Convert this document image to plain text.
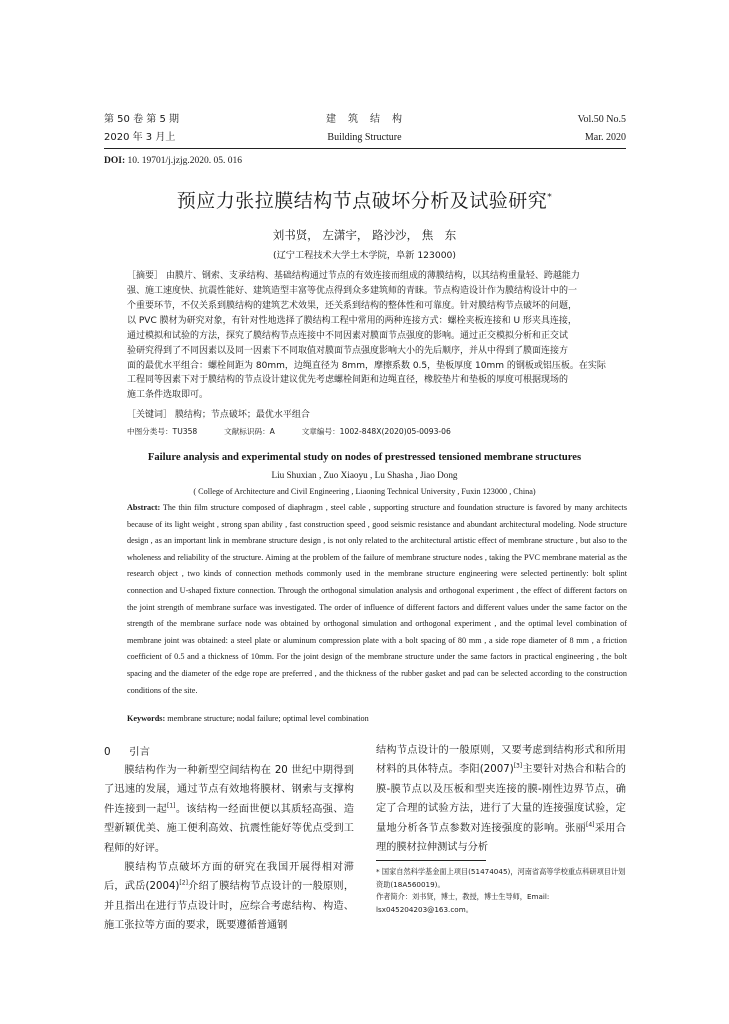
第 50 卷 第 5 期
2020 年 3 月上
建　筑　结　构
Building Structure
Vol.50 No.5
Mar. 2020
DOI: 10. 19701/j.jzjg.2020. 05. 016
预应力张拉膜结构节点破坏分析及试验研究*
刘书贤， 左潇宇， 路沙沙， 焦　东
(辽宁工程技术大学土木学院，阜新 123000)
［摘要］ 由膜片、钢索、支承结构、基础结构通过节点的有效连接而组成的薄膜结构，以其结构重量轻、跨越能力
强、施工速度快、抗震性能好、建筑造型丰富等优点得到众多建筑师的青睐。节点构造设计作为膜结构设计中的一
个重要环节，不仅关系到膜结构的建筑艺术效果，还关系到结构的整体性和可靠度。针对膜结构节点破坏的问题，
以 PVC 膜材为研究对象，有针对性地选择了膜结构工程中常用的两种连接方式：螺栓夹板连接和 U 形夹具连接，
通过模拟和试验的方法，探究了膜结构节点连接中不同因素对膜面节点强度的影响。通过正交模拟分析和正交试
验研究得到了不同因素以及同一因素下不同取值对膜面节点强度影响大小的先后顺序，并从中得到了膜面连接方
面的最优水平组合：螺栓间距为 80mm，边绳直径为 8mm，摩擦系数 0.5，垫板厚度 10mm 的钢板或铝压板。在实际
工程同等因素下对于膜结构的节点设计建议优先考虑螺栓间距和边绳直径，橡胶垫片和垫板的厚度可根据现场的
施工条件选取即可。
［关键词］ 膜结构；节点破坏；最优水平组合
中图分类号：TU358	文献标识码：A	文章编号：1002-848X(2020)05-0093-06
Failure analysis and experimental study on nodes of prestressed tensioned membrane structures
Liu Shuxian , Zuo Xiaoyu , Lu Shasha , Jiao Dong
( College of Architecture and Civil Engineering , Liaoning Technical University , Fuxin 123000 , China)
Abstract: The thin film structure composed of diaphragm , steel cable , supporting structure and foundation structure is favored by many architects because of its light weight , strong span ability , fast construction speed , good seismic resistance and abundant architectural modeling. Node structure design , as an important link in membrane structure design , is not only related to the architectural artistic effect of membrane structure , but also to the wholeness and reliability of the structure. Aiming at the problem of the failure of membrane structure nodes , taking the PVC membrane material as the research object , two kinds of connection methods commonly used in the membrane structure engineering were selected pertinently: bolt splint connection and U-shaped fixture connection. Through the orthogonal simulation analysis and orthogonal experiment , the effect of different factors on the joint strength of membrane surface was investigated. The order of influence of different factors and different values under the same factor on the strength of the membrane surface node was obtained by orthogonal simulation and orthogonal experiment , and the optimal level combination of membrane joint was obtained: a steel plate or aluminum compression plate with a bolt spacing of 80 mm , a side rope diameter of 8 mm , a friction coefficient of 0.5 and a thickness of 10mm. For the joint design of the membrane structure under the same factors in practical engineering , the bolt spacing and the diameter of the edge rope are preferred , and the thickness of the rubber gasket and pad can be selected according to the construction conditions of the site.
Keywords: membrane structure; nodal failure; optimal level combination
0 引言
膜结构作为一种新型空间结构在 20 世纪中期得到了迅速的发展，通过节点有效地将膜材、钢索与支撑构件连接到一起[1]。该结构一经面世便以其质轻高强、造型新颖优美、施工便利高效、抗震性能好等优点受到工程师的好评。
膜结构节点破坏方面的研究在我国开展得相对滞后，武岳(2004)[2]介绍了膜结构节点设计的一般原则，并且指出在进行节点设计时，应综合考虑结构、构造、施工张拉等方面的要求，既要遵循普通钢
结构节点设计的一般原则，又要考虑到结构形式和所用材料的具体特点。李阳(2007)[3]主要针对热合和粘合的膜-膜节点以及压板和型夹连接的膜-刚性边界节点，确定了合理的试验方法，进行了大量的连接强度试验，定量地分析各节点参数对连接强度的影响。张丽[4]采用合理的膜材拉伸测试与分析
* 国家自然科学基金面上项目(51474045)，河南省高等学校重点科研项目计划资助(18A560019)。
作者简介：刘书贤，博士，教授，博士生导师，Email: lsx045204203@163.com。
